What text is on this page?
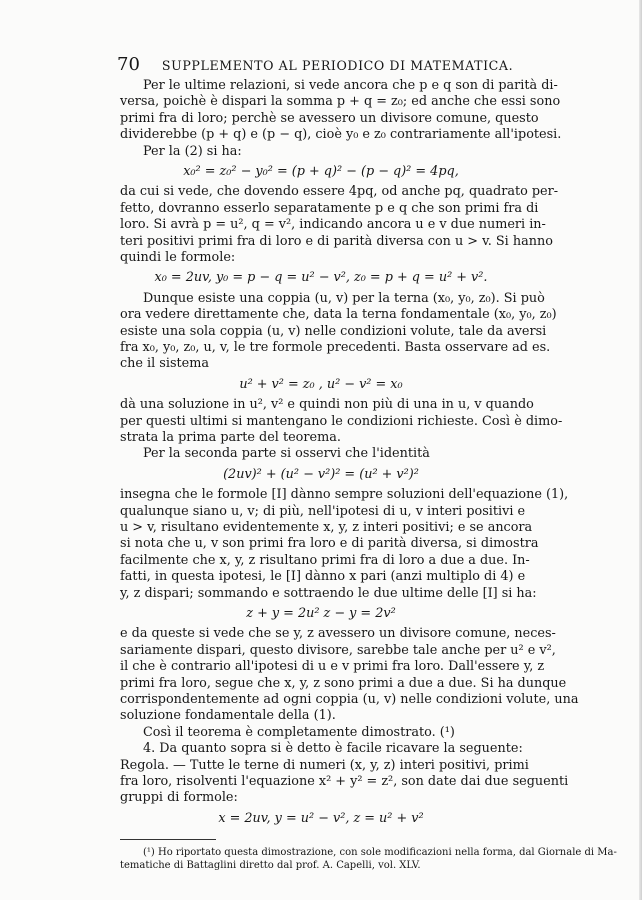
70 SUPPLEMENTO AL PERIODICO DI MATEMATICA.
Per le ultime relazioni, si vede ancora che p e q son di parità di-
versa, poichè è dispari la somma p + q = z₀; ed anche che essi sono
primi fra di loro; perchè se avessero un divisore comune, questo
dividerebbe (p + q) e (p − q), cioè y₀ e z₀ contrariamente all'ipotesi.
Per la (2) si ha:
x₀² = z₀² − y₀² = (p + q)² − (p − q)² = 4pq,
da cui si vede, che dovendo essere 4pq, od anche pq, quadrato per-
fetto, dovranno esserlo separatamente p e q che son primi fra di
loro. Si avrà p = u², q = v², indicando ancora u e v due numeri in-
teri positivi primi fra di loro e di parità diversa con u > v. Si hanno
quindi le formole:
x₀ = 2uv, y₀ = p − q = u² − v², z₀ = p + q = u² + v².
Dunque esiste una coppia (u, v) per la terna (x₀, y₀, z₀). Si può
ora vedere direttamente che, data la terna fondamentale (x₀, y₀, z₀)
esiste una sola coppia (u, v) nelle condizioni volute, tale da aversi
fra x₀, y₀, z₀, u, v, le tre formole precedenti. Basta osservare ad es.
che il sistema
u² + v² = z₀ , u² − v² = x₀
dà una soluzione in u², v² e quindi non più di una in u, v quando
per questi ultimi si mantengano le condizioni richieste. Così è dimo-
strata la prima parte del teorema.
Per la seconda parte si osservi che l'identità
(2uv)² + (u² − v²)² = (u² + v²)²
insegna che le formole [I] dànno sempre soluzioni dell'equazione (1),
qualunque siano u, v; di più, nell'ipotesi di u, v interi positivi e
u > v, risultano evidentemente x, y, z interi positivi; e se ancora
si nota che u, v son primi fra loro e di parità diversa, si dimostra
facilmente che x, y, z risultano primi fra di loro a due a due. In-
fatti, in questa ipotesi, le [I] dànno x pari (anzi multiplo di 4) e
y, z dispari; sommando e sottraendo le due ultime delle [I] si ha:
z + y = 2u² z − y = 2v²
e da queste si vede che se y, z avessero un divisore comune, neces-
sariamente dispari, questo divisore, sarebbe tale anche per u² e v²,
il che è contrario all'ipotesi di u e v primi fra loro. Dall'essere y, z
primi fra loro, segue che x, y, z sono primi a due a due. Si ha dunque
corrispondentemente ad ogni coppia (u, v) nelle condizioni volute, una
soluzione fondamentale della (1).
Così il teorema è completamente dimostrato. (¹)
4. Da quanto sopra si è detto è facile ricavare la seguente:
Regola. — Tutte le terne di numeri (x, y, z) interi positivi, primi
fra loro, risolventi l'equazione x² + y² = z², son date dai due seguenti
gruppi di formole:
x = 2uv, y = u² − v², z = u² + v²
(¹) Ho riportato questa dimostrazione, con sole modificazioni nella forma, dal Giornale di Ma-
tematiche di Battaglini diretto dal prof. A. Capelli, vol. XLV.
